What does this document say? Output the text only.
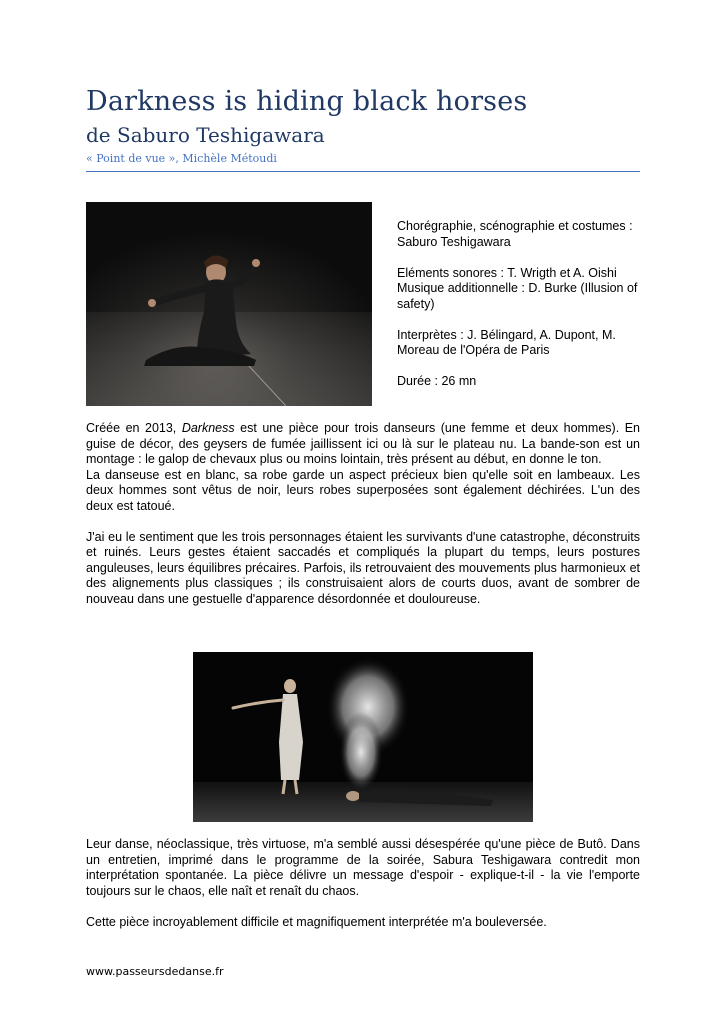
Darkness is hiding black horses
de Saburo Teshigawara
« Point de vue », Michèle Métoudi

Chorégraphie, scénographie et costumes : Saburo Teshigawara

Eléments sonores : T. Wrigth et A. Oishi

Musique additionnelle : D. Burke (Illusion of safety)

Interprètes : J. Bélingard, A. Dupont, M. Moreau de l'Opéra de Paris

Durée : 26 mn

Créée en 2013, Darkness est une pièce pour trois danseurs (une femme et deux hommes). En guise de décor, des geysers de fumée jaillissent ici ou là sur le plateau nu. La bande-son est un montage : le galop de chevaux plus ou moins lointain, très présent au début, en donne le ton.

La danseuse est en blanc, sa robe garde un aspect précieux bien qu'elle soit en lambeaux. Les deux hommes sont vêtus de noir, leurs robes superposées sont également déchirées. L'un des deux est tatoué.

J'ai eu le sentiment que les trois personnages étaient les survivants d'une catastrophe, déconstruits et ruinés. Leurs gestes étaient saccadés et compliqués la plupart du temps, leurs postures anguleuses, leurs équilibres précaires. Parfois, ils retrouvaient des mouvements plus harmonieux et des alignements plus classiques ; ils construisaient alors de courts duos, avant de sombrer de nouveau dans une gestuelle d'apparence désordonnée et douloureuse.

Leur danse, néoclassique, très virtuose, m'a semblé aussi désespérée qu'une pièce de Butô. Dans un entretien, imprimé dans le programme de la soirée, Sabura Teshigawara contredit mon interprétation spontanée. La pièce délivre un message d'espoir - explique-t-il - la vie l'emporte toujours sur le chaos, elle naît et renaît du chaos.

Cette pièce incroyablement difficile et magnifiquement interprétée m'a bouleversée.

www.passeursdedanse.fr
